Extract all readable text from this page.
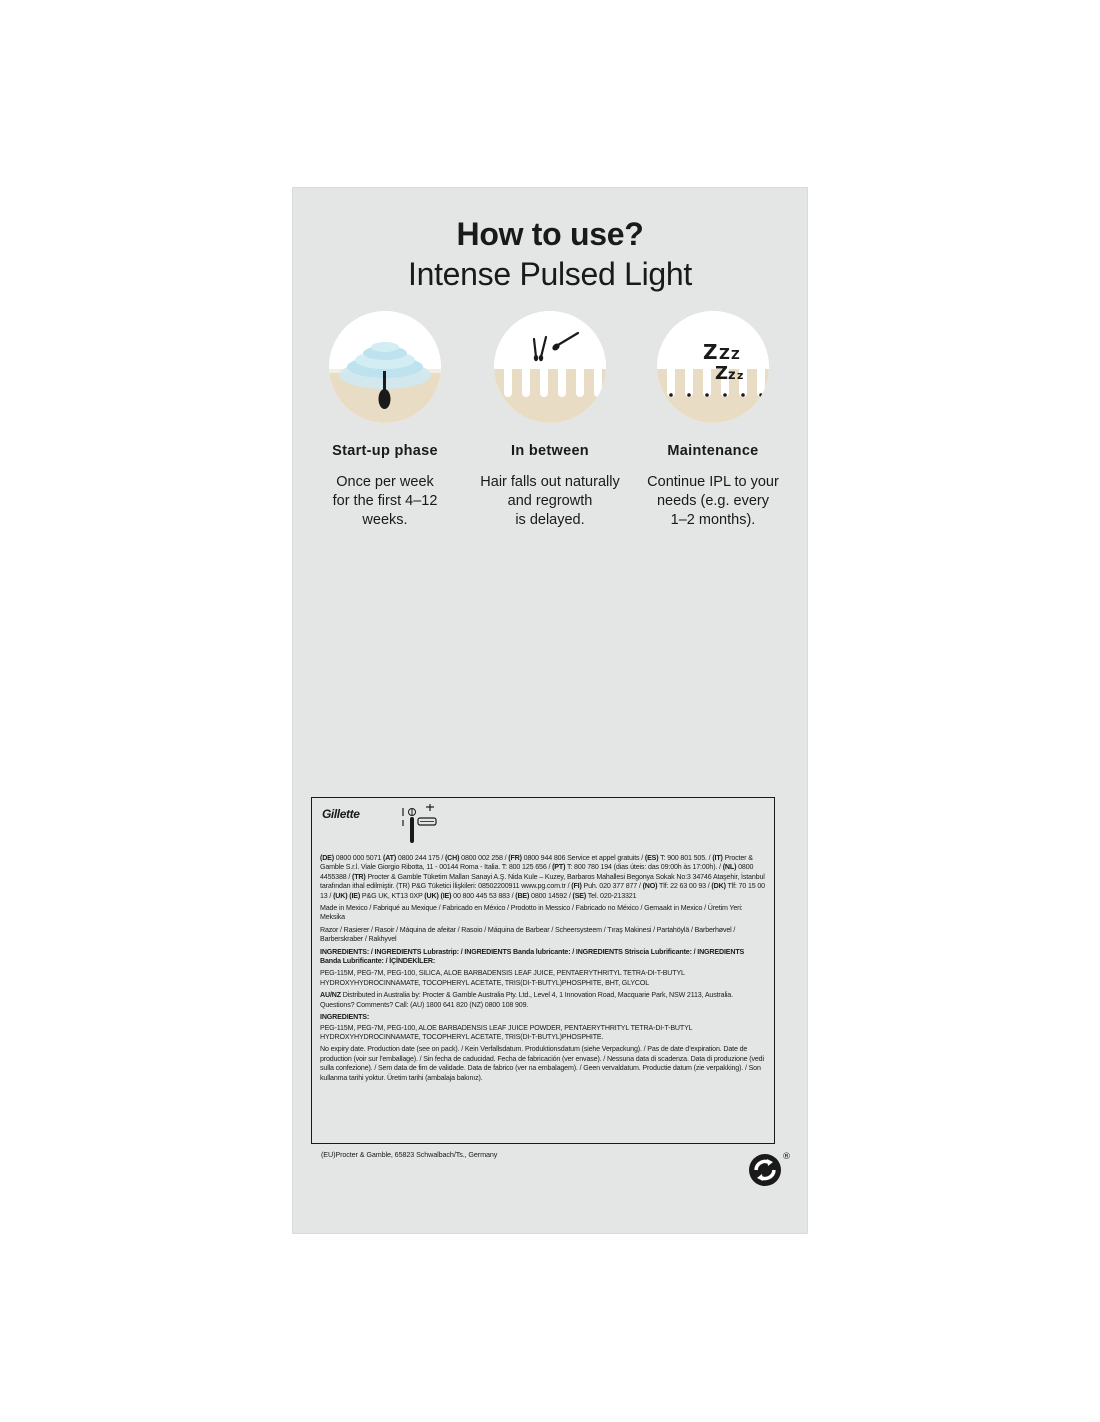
How to use?
Intense Pulsed Light
Start-up phase
Once per week
for the first 4–12
weeks.
In between
Hair falls out naturally
and regrowth
is delayed.
Z Z Z
Z z z
Maintenance
Continue IPL to your
needs (e.g. every
1–2 months).
Gillette

(DE) 0800 000 5071 (AT) 0800 244 175 / (CH) 0800 002 258 / (FR) 0800 944 806 Service et appel gratuits / (ES) T: 900 801 505. / (IT) Procter & Gamble S.r.l. Viale Giorgio Ribotta, 11 - 00144 Roma - Italia. T: 800 125 656 / (PT) T: 800 780 194 (dias úteis: das 09:00h às 17:00h). / (NL) 0800 4455388 / (TR) Procter & Gamble Tüketim Malları Sanayi A.Ş. Nida Kule – Kuzey, Barbaros Mahallesi Begonya Sokak No:3 34746 Ataşehir, İstanbul tarafından ithal edilmiştir. (TR) P&G Tüketici İlişkileri: 08502200911 www.pg.com.tr / (FI) Puh. 020 377 877 / (NO) Tlf: 22 63 00 93 / (DK) Tlf: 70 15 00 13 / (UK) (IE) P&G UK, KT13 0XP (UK) (IE) 00 800 445 53 883 / (BE) 0800 14592 / (SE) Tel. 020-213321

Made in Mexico / Fabriqué au Mexique / Fabricado en México / Prodotto in Messico / Fabricado no México / Gemaakt in Mexico / Üretim Yeri: Meksika

Razor / Rasierer / Rasoir / Máquina de afeitar / Rasoio / Máquina de Barbear / Scheersysteem / Tıraş Makinesi / Partahöylä / Barberhøvel / Barberskraber / Rakhyvel

INGREDIENTS: / INGREDIENTS Lubrastrip: / INGREDIENTS Banda lubricante: / INGREDIENTS Striscia Lubrificante: / INGREDIENTS Banda Lubrificante: / İÇİNDEKİLER:

PEG-115M, PEG-7M, PEG-100, SILICA, ALOE BARBADENSIS LEAF JUICE, PENTAERYTHRITYL TETRA-DI-T-BUTYL HYDROXYHYDROCINNAMATE, TOCOPHERYL ACETATE, TRIS(DI-T-BUTYL)PHOSPHITE, BHT, GLYCOL

AU/NZ Distributed in Australia by: Procter & Gamble Australia Pty. Ltd., Level 4, 1 Innovation Road, Macquarie Park, NSW 2113, Australia. Questions? Comments? Call: (AU) 1800 641 820 (NZ) 0800 108 909.

INGREDIENTS:

PEG-115M, PEG-7M, PEG-100, ALOE BARBADENSIS LEAF JUICE POWDER, PENTAERYTHRITYL TETRA-DI-T-BUTYL HYDROXYHYDROCINNAMATE, TOCOPHERYL ACETATE, TRIS(DI-T-BUTYL)PHOSPHITE.

No expiry date. Production date (see on pack). / Kein Verfallsdatum. Produktionsdatum (siehe Verpackung). / Pas de date d’expiration. Date de production (voir sur l’emballage). / Sin fecha de caducidad. Fecha de fabricación (ver envase). / Nessuna data di scadenza. Data di produzione (vedi sulla confezione). / Sem data de fim de validade. Data de fabrico (ver na embalagem). / Geen vervaldatum. Productie datum (zie verpakking). / Son kullanma tarihi yoktur. Üretim tarihi (ambalaja bakınız).

(EU)Procter & Gamble, 65823 Schwalbach/Ts., Germany	®
